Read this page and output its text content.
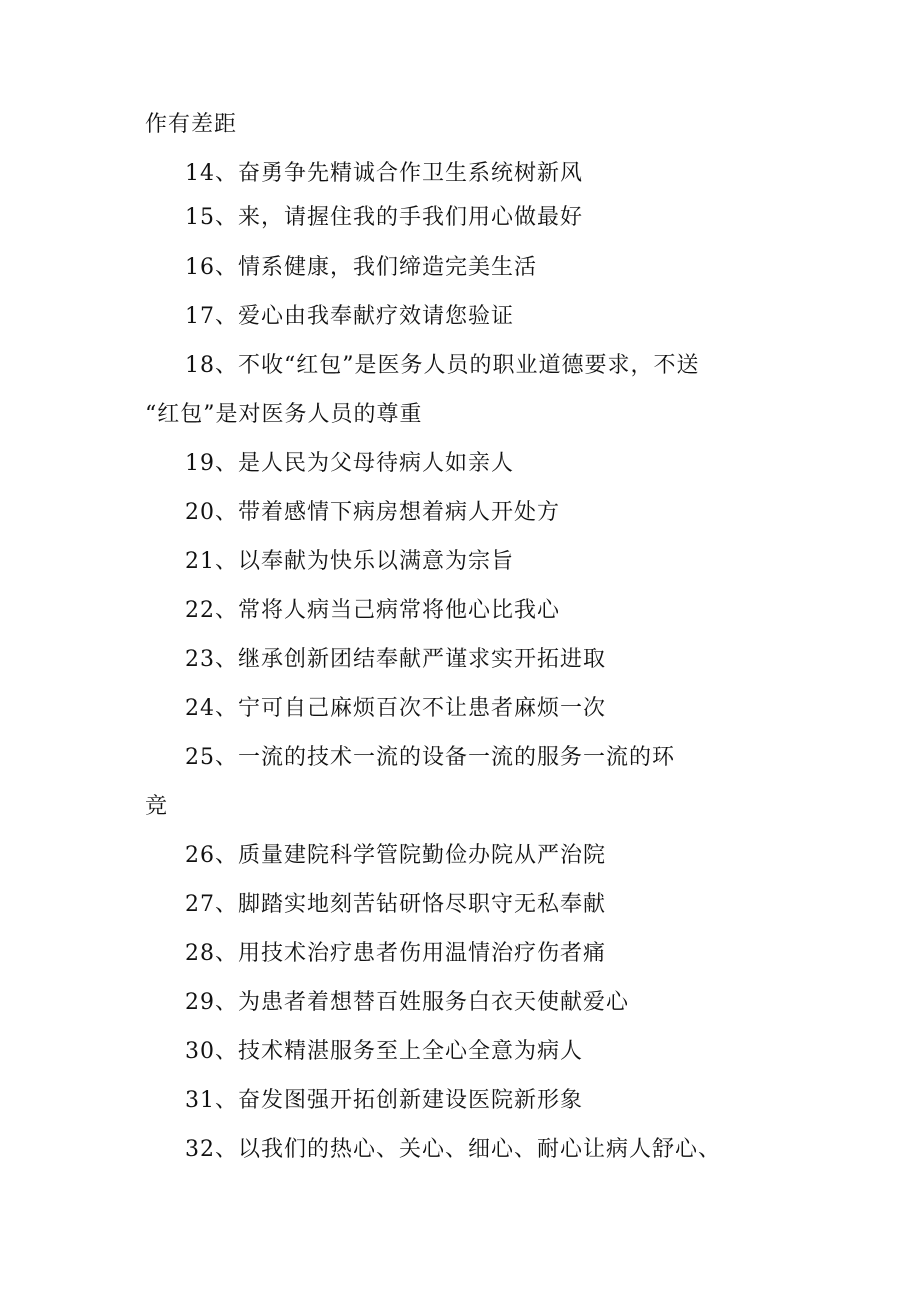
作有差距

14、奋勇争先精诚合作卫生系统树新风

15、来，请握住我的手我们用心做最好

16、情系健康，我们缔造完美生活

17、爱心由我奉献疗效请您验证

18、不收“红包”是医务人员的职业道德要求，不送

“红包”是对医务人员的尊重

19、是人民为父母待病人如亲人

20、带着感情下病房想着病人开处方

21、以奉献为快乐以满意为宗旨

22、常将人病当己病常将他心比我心

23、继承创新团结奉献严谨求实开拓进取

24、宁可自己麻烦百次不让患者麻烦一次

25、一流的技术一流的设备一流的服务一流的环

竞

26、质量建院科学管院勤俭办院从严治院

27、脚踏实地刻苦钻研恪尽职守无私奉献

28、用技术治疗患者伤用温情治疗伤者痛

29、为患者着想替百姓服务白衣天使献爱心

30、技术精湛服务至上全心全意为病人

31、奋发图强开拓创新建设医院新形象

32、以我们的热心、关心、细心、耐心让病人舒心、
